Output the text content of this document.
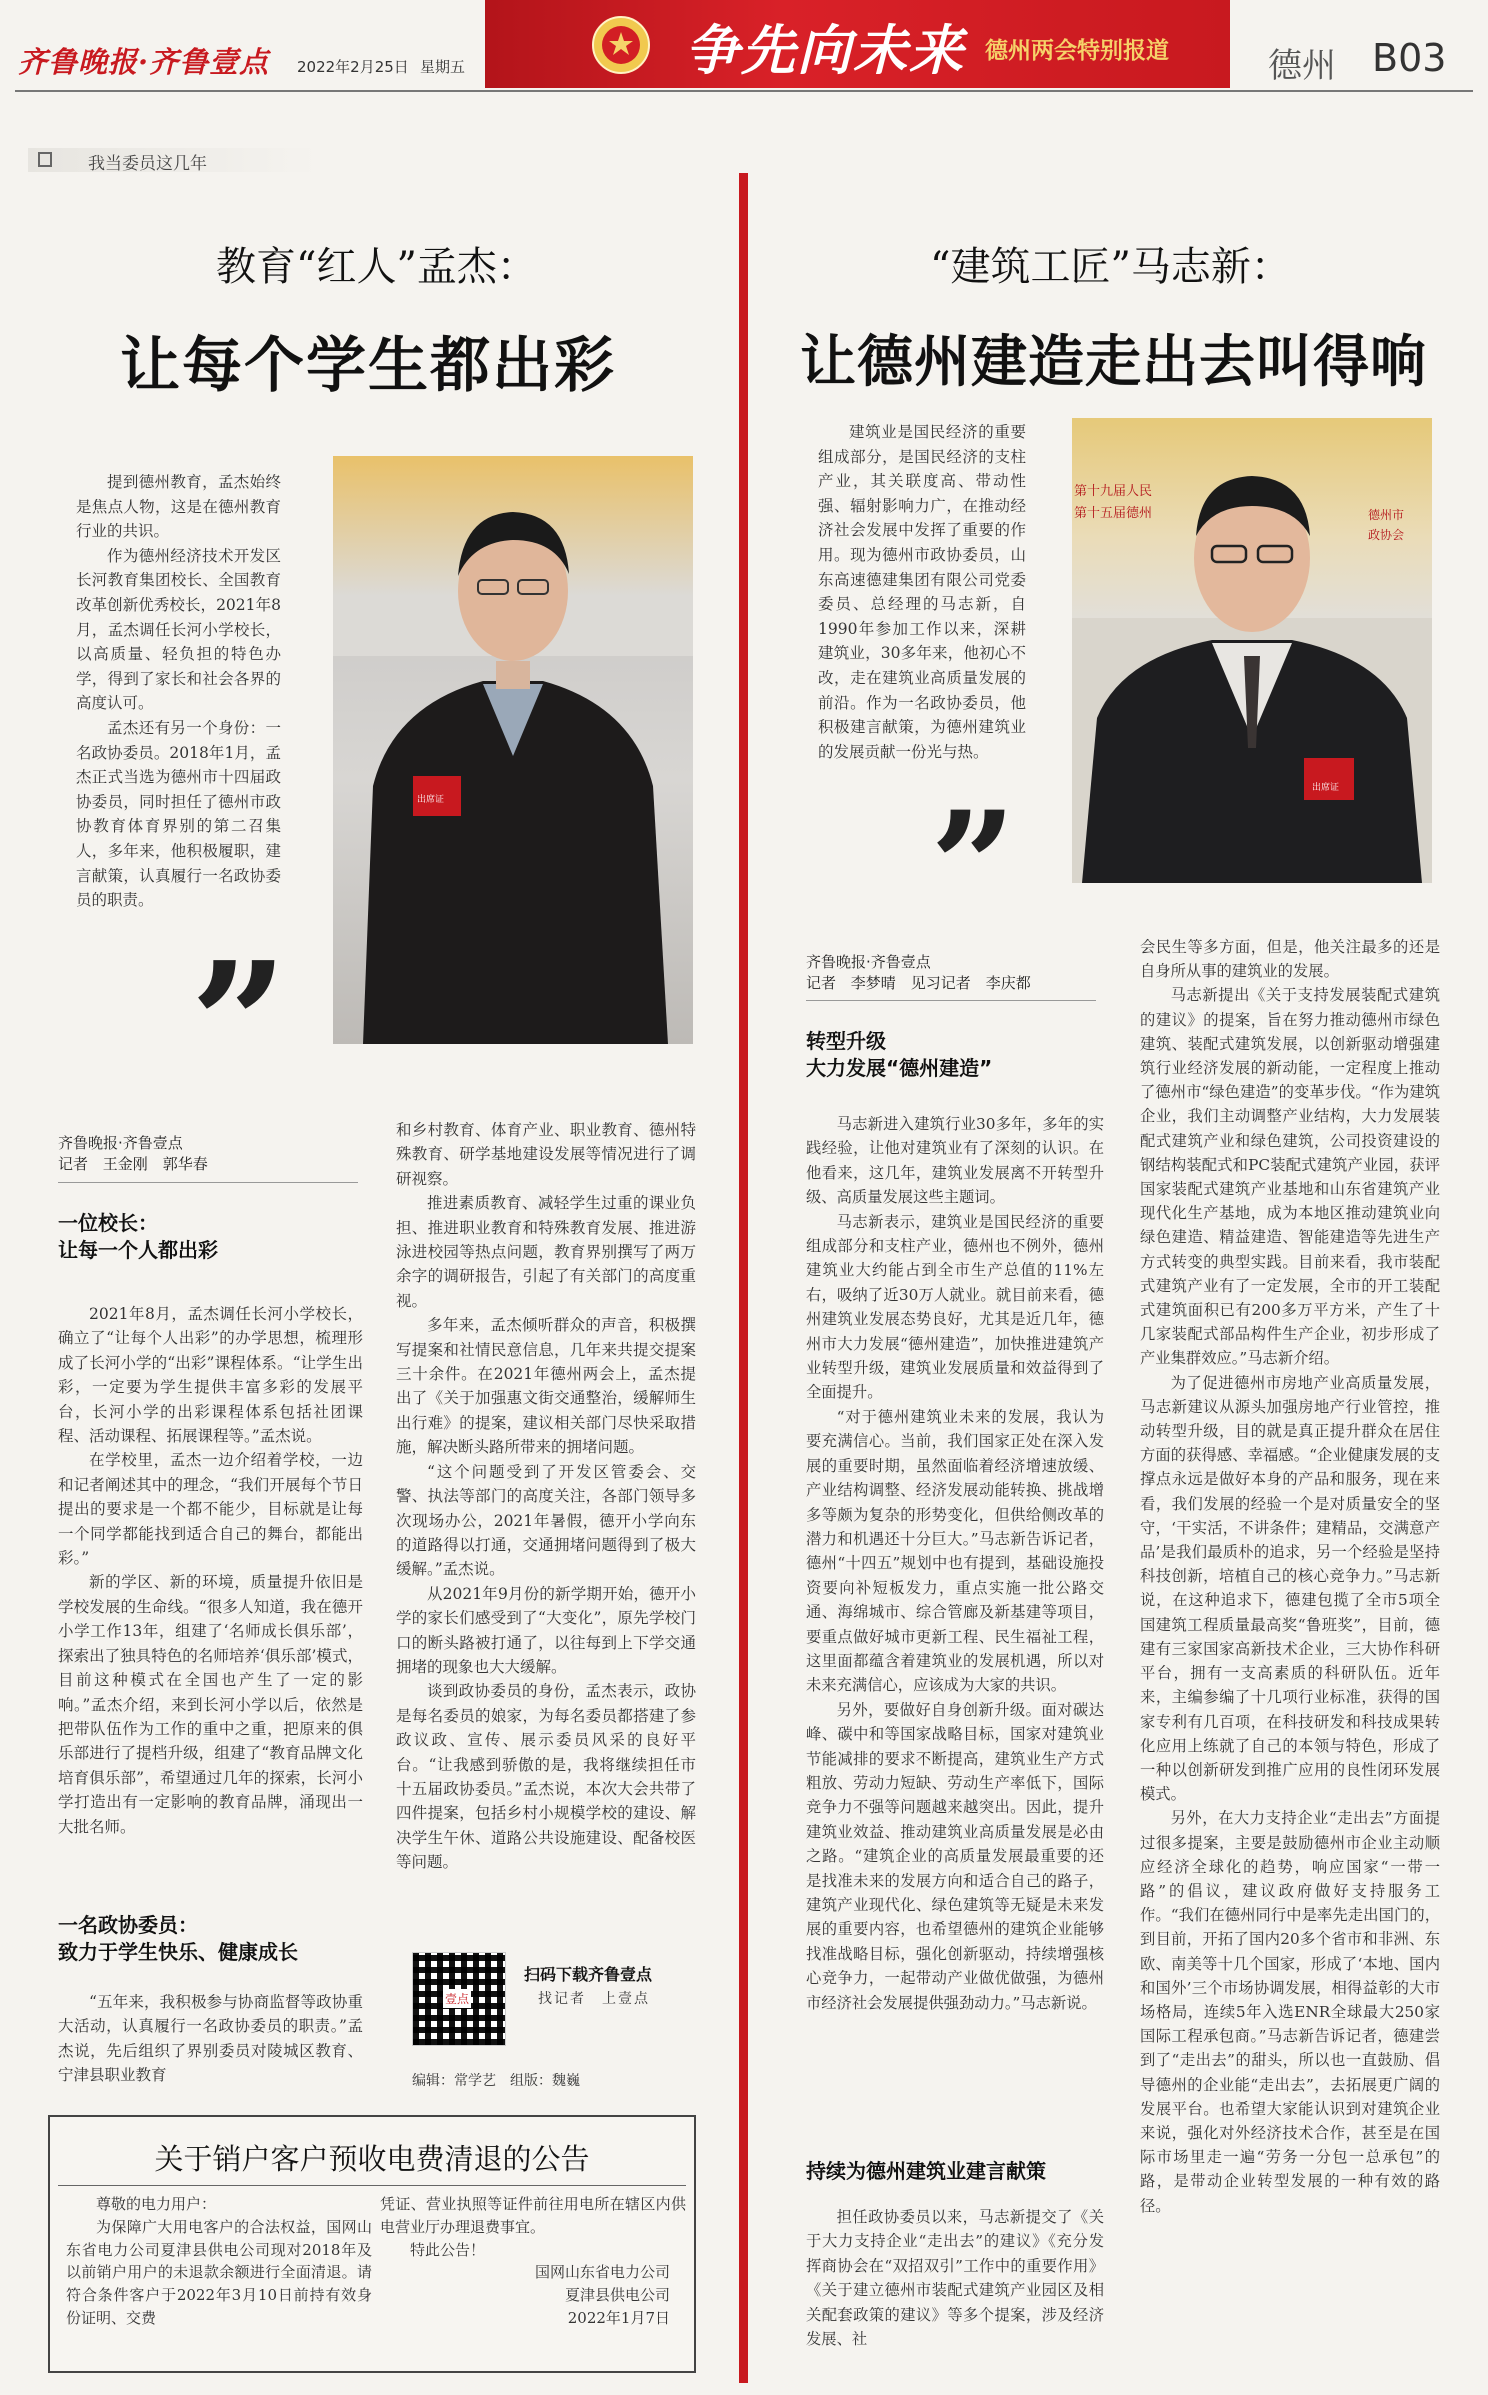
齐鲁晚报·齐鲁壹点 2022年2月25日 星期五	争先向未来 德州两会特别报道	德州 B03
我当委员这几年
教育“红人”孟杰：
让每个学生都出彩

提到德州教育，孟杰始终是焦点人物，这是在德州教育行业的共识。

作为德州经济技术开发区长河教育集团校长、全国教育改革创新优秀校长，2021年8月，孟杰调任长河小学校长，以高质量、轻负担的特色办学，得到了家长和社会各界的高度认可。

孟杰还有另一个身份：一名政协委员。2018年1月，孟杰正式当选为德州市十四届政协委员，同时担任了德州市政协教育体育界别的第二召集人，多年来，他积极履职，建言献策，认真履行一名政协委员的职责。

”
出席证
齐鲁晚报·齐鲁壹点
记者 王金刚　郭华春
一位校长：
让每一个人都出彩

2021年8月，孟杰调任长河小学校长，确立了“让每个人出彩”的办学思想，梳理形成了长河小学的“出彩”课程体系。“让学生出彩，一定要为学生提供丰富多彩的发展平台，长河小学的出彩课程体系包括社团课程、活动课程、拓展课程等。”孟杰说。

在学校里，孟杰一边介绍着学校，一边和记者阐述其中的理念，“我们开展每个节日提出的要求是一个都不能少，目标就是让每一个同学都能找到适合自己的舞台，都能出彩。”

新的学区、新的环境，质量提升依旧是学校发展的生命线。“很多人知道，我在德开小学工作13年，组建了‘名师成长俱乐部’，探索出了独具特色的名师培养‘俱乐部’模式，目前这种模式在全国也产生了一定的影响。”孟杰介绍，来到长河小学以后，依然是把带队伍作为工作的重中之重，把原来的俱乐部进行了提档升级，组建了“教育品牌文化培育俱乐部”，希望通过几年的探索，长河小学打造出有一定影响的教育品牌，涌现出一大批名师。

一名政协委员：
致力于学生快乐、健康成长

“五年来，我积极参与协商监督等政协重大活动，认真履行一名政协委员的职责。”孟杰说，先后组织了界别委员对陵城区教育、宁津县职业教育

和乡村教育、体育产业、职业教育、德州特殊教育、研学基地建设发展等情况进行了调研视察。

推进素质教育、减轻学生过重的课业负担、推进职业教育和特殊教育发展、推进游泳进校园等热点问题，教育界别撰写了两万余字的调研报告，引起了有关部门的高度重视。

多年来，孟杰倾听群众的声音，积极撰写提案和社情民意信息，几年来共提交提案三十余件。在2021年德州两会上，孟杰提出了《关于加强惠文街交通整治，缓解师生出行难》的提案，建议相关部门尽快采取措施，解决断头路所带来的拥堵问题。

“这个问题受到了开发区管委会、交警、执法等部门的高度关注，各部门领导多次现场办公，2021年暑假，德开小学向东的道路得以打通，交通拥堵问题得到了极大缓解。”孟杰说。

从2021年9月份的新学期开始，德开小学的家长们感受到了“大变化”，原先学校门口的断头路被打通了，以往每到上下学交通拥堵的现象也大大缓解。

谈到政协委员的身份，孟杰表示，政协是每名委员的娘家，为每名委员都搭建了参政议政、宣传、展示委员风采的良好平台。“让我感到骄傲的是，我将继续担任市十五届政协委员。”孟杰说，本次大会共带了四件提案，包括乡村小规模学校的建设、解决学生午休、道路公共设施建设、配备校医等问题。

壹点
扫码下载齐鲁壹点
找记者　上壹点
编辑：常学艺　组版：魏巍
关于销户客户预收电费清退的公告

尊敬的电力用户：

为保障广大用电客户的合法权益，国网山东省电力公司夏津县供电公司现对2018年及以前销户用户的未退款余额进行全面清退。请符合条件客户于2022年3月10日前持有效身份证明、交费

凭证、营业执照等证件前往用电所在辖区内供电营业厅办理退费事宜。

特此公告！

国网山东省电力公司
夏津县供电公司
2022年1月7日
“建筑工匠”马志新：
让德州建造走出去叫得响

建筑业是国民经济的重要组成部分，是国民经济的支柱产业，其关联度高、带动性强、辐射影响力广，在推动经济社会发展中发挥了重要的作用。现为德州市政协委员，山东高速德建集团有限公司党委委员、总经理的马志新，自1990年参加工作以来，深耕建筑业，30多年来，他初心不改，走在建筑业高质量发展的前沿。作为一名政协委员，他积极建言献策，为德州建筑业的发展贡献一份光与热。

”
第十五届德州
第十九届人民
德州市
政协会
出席证
齐鲁晚报·齐鲁壹点
记者 李梦晴　见习记者　李庆都
转型升级
大力发展“德州建造”

马志新进入建筑行业30多年，多年的实践经验，让他对建筑业有了深刻的认识。在他看来，这几年，建筑业发展离不开转型升级、高质量发展这些主题词。

马志新表示，建筑业是国民经济的重要组成部分和支柱产业，德州也不例外，德州建筑业大约能占到全市生产总值的11%左右，吸纳了近30万人就业。就目前来看，德州建筑业发展态势良好，尤其是近几年，德州市大力发展“德州建造”，加快推进建筑产业转型升级，建筑业发展质量和效益得到了全面提升。

“对于德州建筑业未来的发展，我认为要充满信心。当前，我们国家正处在深入发展的重要时期，虽然面临着经济增速放缓、产业结构调整、经济发展动能转换、挑战增多等颇为复杂的形势变化，但供给侧改革的潜力和机遇还十分巨大。”马志新告诉记者，德州“十四五”规划中也有提到，基础设施投资要向补短板发力，重点实施一批公路交通、海绵城市、综合管廊及新基建等项目，要重点做好城市更新工程、民生福祉工程，这里面都蕴含着建筑业的发展机遇，所以对未来充满信心，应该成为大家的共识。

另外，要做好自身创新升级。面对碳达峰、碳中和等国家战略目标，国家对建筑业节能减排的要求不断提高，建筑业生产方式粗放、劳动力短缺、劳动生产率低下，国际竞争力不强等问题越来越突出。因此，提升建筑业效益、推动建筑业高质量发展是必由之路。“建筑企业的高质量发展最重要的还是找准未来的发展方向和适合自己的路子，建筑产业现代化、绿色建筑等无疑是未来发展的重要内容，也希望德州的建筑企业能够找准战略目标，强化创新驱动，持续增强核心竞争力，一起带动产业做优做强，为德州市经济社会发展提供强劲动力。”马志新说。

持续为德州建筑业建言献策

担任政协委员以来，马志新提交了《关于大力支持企业“走出去”的建议》《充分发挥商协会在“双招双引”工作中的重要作用》《关于建立德州市装配式建筑产业园区及相关配套政策的建议》等多个提案，涉及经济发展、社

会民生等多方面，但是，他关注最多的还是自身所从事的建筑业的发展。

马志新提出《关于支持发展装配式建筑的建议》的提案，旨在努力推动德州市绿色建筑、装配式建筑发展，以创新驱动增强建筑行业经济发展的新动能，一定程度上推动了德州市“绿色建造”的变革步伐。“作为建筑企业，我们主动调整产业结构，大力发展装配式建筑产业和绿色建筑，公司投资建设的钢结构装配式和PC装配式建筑产业园，获评国家装配式建筑产业基地和山东省建筑产业现代化生产基地，成为本地区推动建筑业向绿色建造、精益建造、智能建造等先进生产方式转变的典型实践。目前来看，我市装配式建筑产业有了一定发展，全市的开工装配式建筑面积已有200多万平方米，产生了十几家装配式部品构件生产企业，初步形成了产业集群效应。”马志新介绍。

为了促进德州市房地产业高质量发展，马志新建议从源头加强房地产行业管控，推动转型升级，目的就是真正提升群众在居住方面的获得感、幸福感。“企业健康发展的支撑点永远是做好本身的产品和服务，现在来看，我们发展的经验一个是对质量安全的坚守，‘干实活，不讲条件；建精品，交满意产品’是我们最质朴的追求，另一个经验是坚持科技创新，培植自己的核心竞争力。”马志新说，在这种追求下，德建包揽了全市5项全国建筑工程质量最高奖“鲁班奖”，目前，德建有三家国家高新技术企业，三大协作科研平台，拥有一支高素质的科研队伍。近年来，主编参编了十几项行业标准，获得的国家专利有几百项，在科技研发和科技成果转化应用上练就了自己的本领与特色，形成了一种以创新研发到推广应用的良性闭环发展模式。

另外，在大力支持企业“走出去”方面提过很多提案，主要是鼓励德州市企业主动顺应经济全球化的趋势，响应国家“一带一路”的倡议，建议政府做好支持服务工作。“我们在德州同行中是率先走出国门的，到目前，开拓了国内20多个省市和非洲、东欧、南美等十几个国家，形成了‘本地、国内和国外’三个市场协调发展，相得益彰的大市场格局，连续5年入选ENR全球最大250家国际工程承包商。”马志新告诉记者，德建尝到了“走出去”的甜头，所以也一直鼓励、倡导德州的企业能“走出去”，去拓展更广阔的发展平台。也希望大家能认识到对建筑企业来说，强化对外经济技术合作，甚至是在国际市场里走一遍“劳务一分包一总承包”的路，是带动企业转型发展的一种有效的路径。
